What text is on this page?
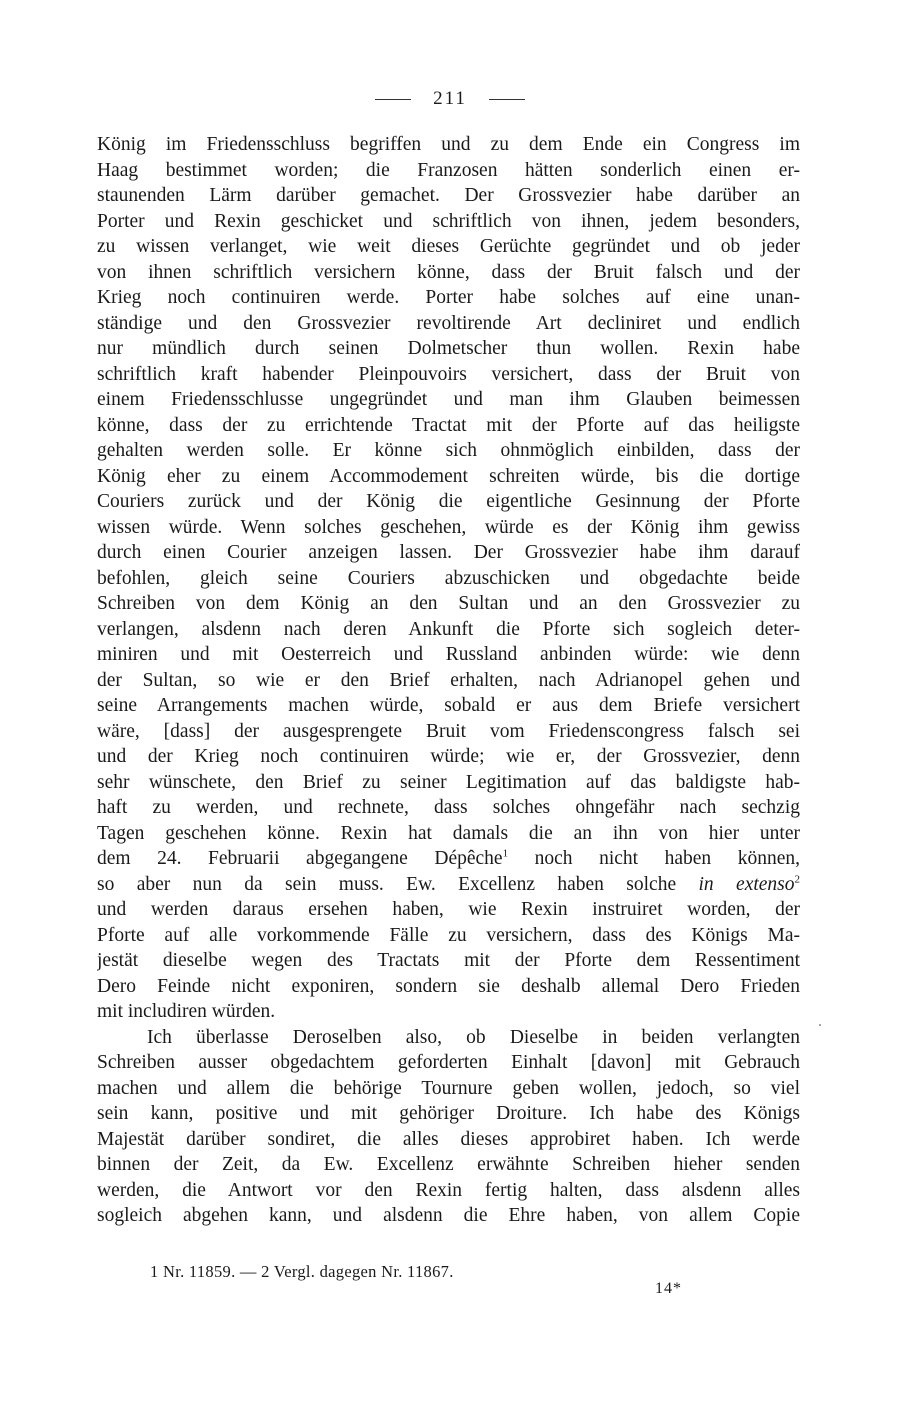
211
König im Friedensschluss begriffen und zu dem Ende ein Congress im
Haag bestimmet worden; die Franzosen hätten sonderlich einen er-
staunenden Lärm darüber gemachet. Der Grossvezier habe darüber an
Porter und Rexin geschicket und schriftlich von ihnen, jedem besonders,
zu wissen verlanget, wie weit dieses Gerüchte gegründet und ob jeder
von ihnen schriftlich versichern könne, dass der Bruit falsch und der
Krieg noch continuiren werde. Porter habe solches auf eine unan-
ständige und den Grossvezier revoltirende Art decliniret und endlich
nur mündlich durch seinen Dolmetscher thun wollen. Rexin habe
schriftlich kraft habender Pleinpouvoirs versichert, dass der Bruit von
einem Friedensschlusse ungegründet und man ihm Glauben beimessen
könne, dass der zu errichtende Tractat mit der Pforte auf das heiligste
gehalten werden solle. Er könne sich ohnmöglich einbilden, dass der
König eher zu einem Accommodement schreiten würde, bis die dortige
Couriers zurück und der König die eigentliche Gesinnung der Pforte
wissen würde. Wenn solches geschehen, würde es der König ihm gewiss
durch einen Courier anzeigen lassen. Der Grossvezier habe ihm darauf
befohlen, gleich seine Couriers abzuschicken und obgedachte beide
Schreiben von dem König an den Sultan und an den Grossvezier zu
verlangen, alsdenn nach deren Ankunft die Pforte sich sogleich deter-
miniren und mit Oesterreich und Russland anbinden würde: wie denn
der Sultan, so wie er den Brief erhalten, nach Adrianopel gehen und
seine Arrangements machen würde, sobald er aus dem Briefe versichert
wäre, [dass] der ausgesprengete Bruit vom Friedenscongress falsch sei
und der Krieg noch continuiren würde; wie er, der Grossvezier, denn
sehr wünschete, den Brief zu seiner Legitimation auf das baldigste hab-
haft zu werden, und rechnete, dass solches ohngefähr nach sechzig
Tagen geschehen könne. Rexin hat damals die an ihn von hier unter
dem 24. Februarii abgegangene Dépêche$^1$ noch nicht haben können,
so aber nun da sein muss. Ew. Excellenz haben solche in extenso$^2$
und werden daraus ersehen haben, wie Rexin instruiret worden, der
Pforte auf alle vorkommende Fälle zu versichern, dass des Königs Ma-
jestät dieselbe wegen des Tractats mit der Pforte dem Ressentiment
Dero Feinde nicht exponiren, sondern sie deshalb allemal Dero Frieden
mit includiren würden.
Ich überlasse Deroselben also, ob Dieselbe in beiden verlangten
Schreiben ausser obgedachtem geforderten Einhalt [davon] mit Gebrauch
machen und allem die behörige Tournure geben wollen, jedoch, so viel
sein kann, positive und mit gehöriger Droiture. Ich habe des Königs
Majestät darüber sondiret, die alles dieses approbiret haben. Ich werde
binnen der Zeit, da Ew. Excellenz erwähnte Schreiben hieher senden
werden, die Antwort vor den Rexin fertig halten, dass alsdenn alles
sogleich abgehen kann, und alsdenn die Ehre haben, von allem Copie
1 Nr. 11859. — 2 Vergl. dagegen Nr. 11867.
14*
